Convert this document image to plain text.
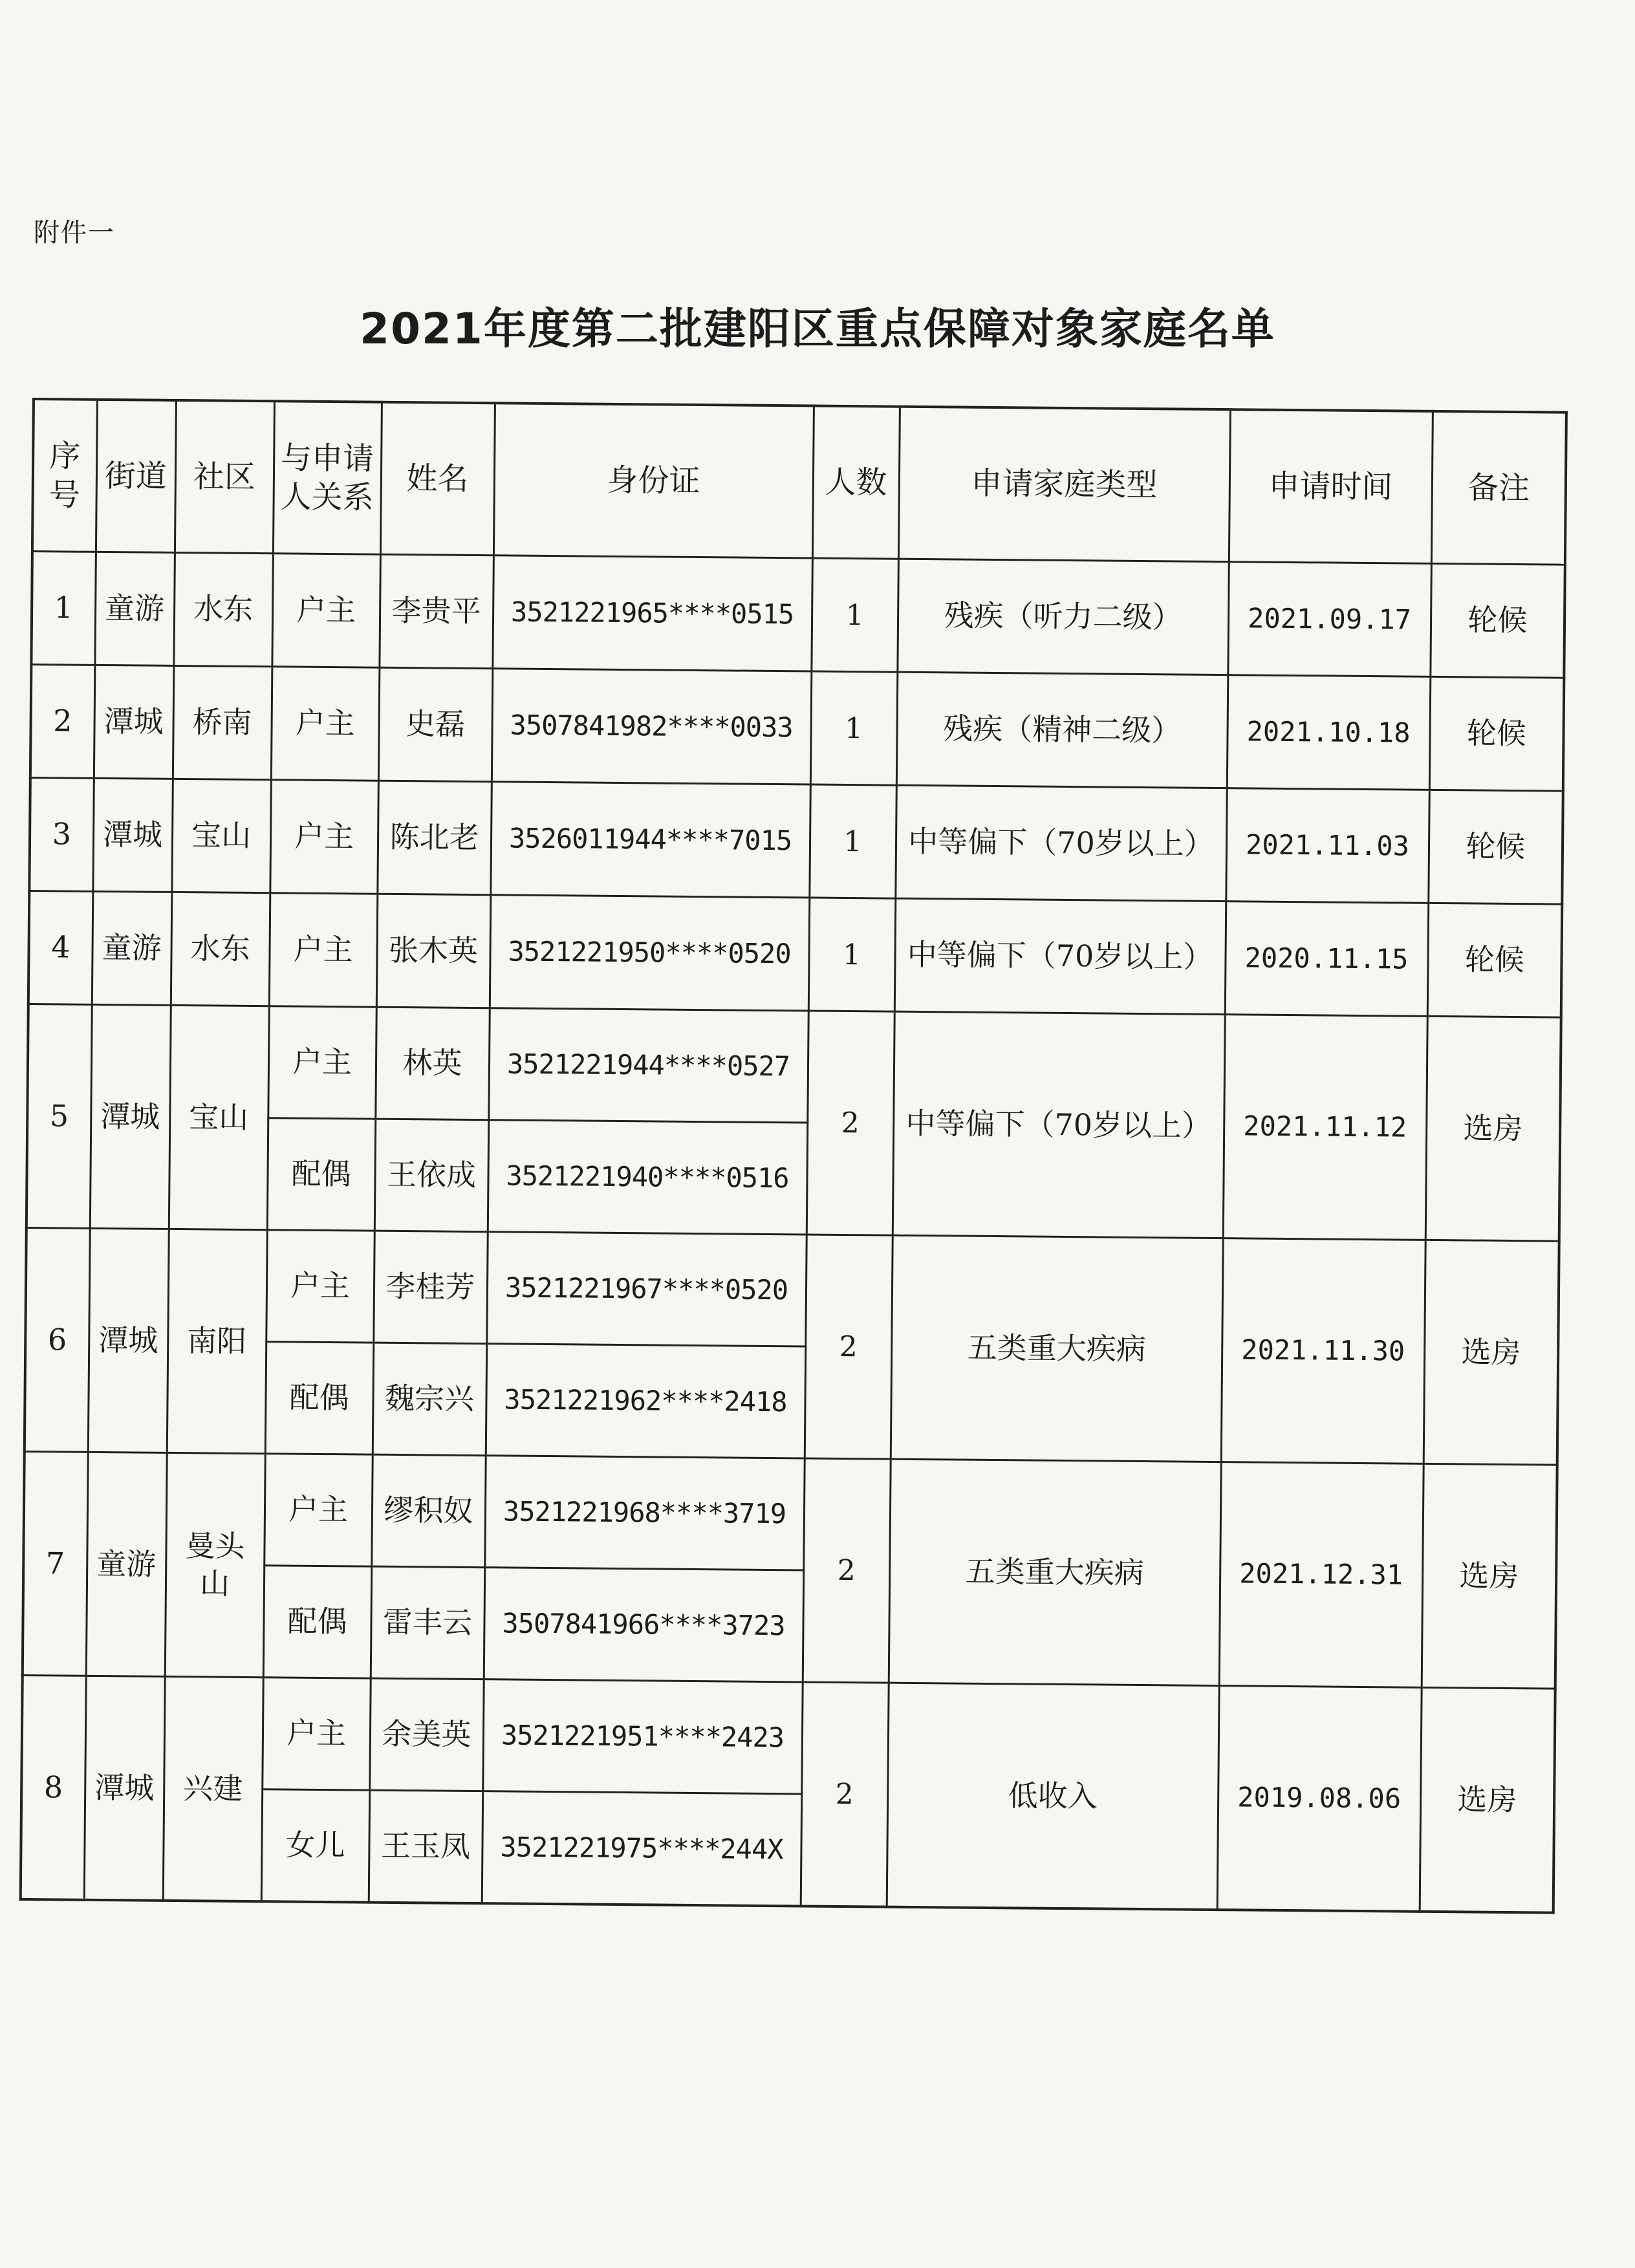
附件一
2021年度第二批建阳区重点保障对象家庭名单
序号	街道	社区	与申请人关系	姓名	身份证	人数	申请家庭类型	申请时间	备注
1	童游	水东	户主	李贵平	3521221965****0515	1	残疾（听力二级）	2021.09.17	轮候
2	潭城	桥南	户主	史磊	3507841982****0033	1	残疾（精神二级）	2021.10.18	轮候
3	潭城	宝山	户主	陈北老	3526011944****7015	1	中等偏下（70岁以上）	2021.11.03	轮候
4	童游	水东	户主	张木英	3521221950****0520	1	中等偏下（70岁以上）	2020.11.15	轮候
5	潭城	宝山	户主	林英	3521221944****0527	2	中等偏下（70岁以上）	2021.11.12	选房
			配偶	王依成	3521221940****0516				
6	潭城	南阳	户主	李桂芳	3521221967****0520	2	五类重大疾病	2021.11.30	选房
			配偶	魏宗兴	3521221962****2418				
7	童游	曼头山	户主	缪积奴	3521221968****3719	2	五类重大疾病	2021.12.31	选房
			配偶	雷丰云	3507841966****3723				
8	潭城	兴建	户主	余美英	3521221951****2423	2	低收入	2019.08.06	选房
			女儿	王玉凤	3521221975****244X				
